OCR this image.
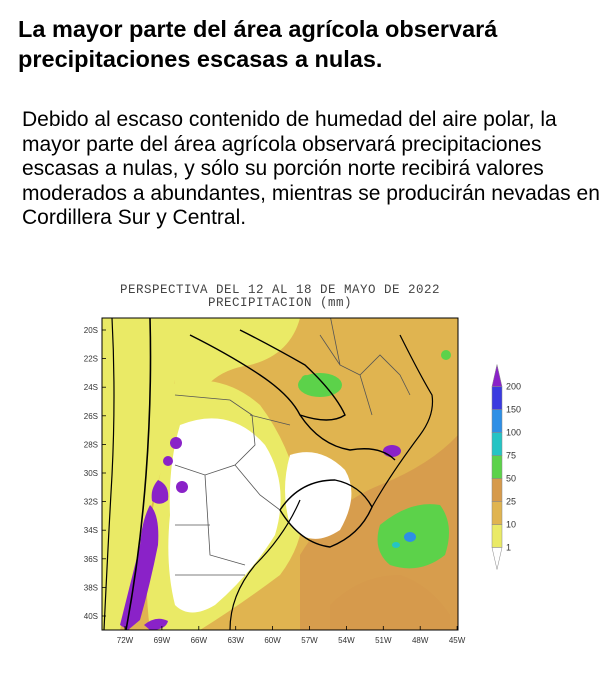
La mayor parte del área agrícola observará precipitaciones escasas a nulas.

Debido al escaso contenido de humedad del aire polar, la mayor parte del área agrícola observará precipitaciones escasas a nulas, y sólo su porción norte recibirá valores moderados a abundantes, mientras se producirán nevadas en Cordillera Sur y Central.

PERSPECTIVA DEL 12 AL 18 DE MAYO DE 2022
PRECIPITACION (mm)
20S
22S
24S
26S
28S
30S
32S
34S
36S
38S
40S
72W	69W	66W	63W	60W	57W	54W	51W	48W	45W
1
10
25
50
75
100
150
200
